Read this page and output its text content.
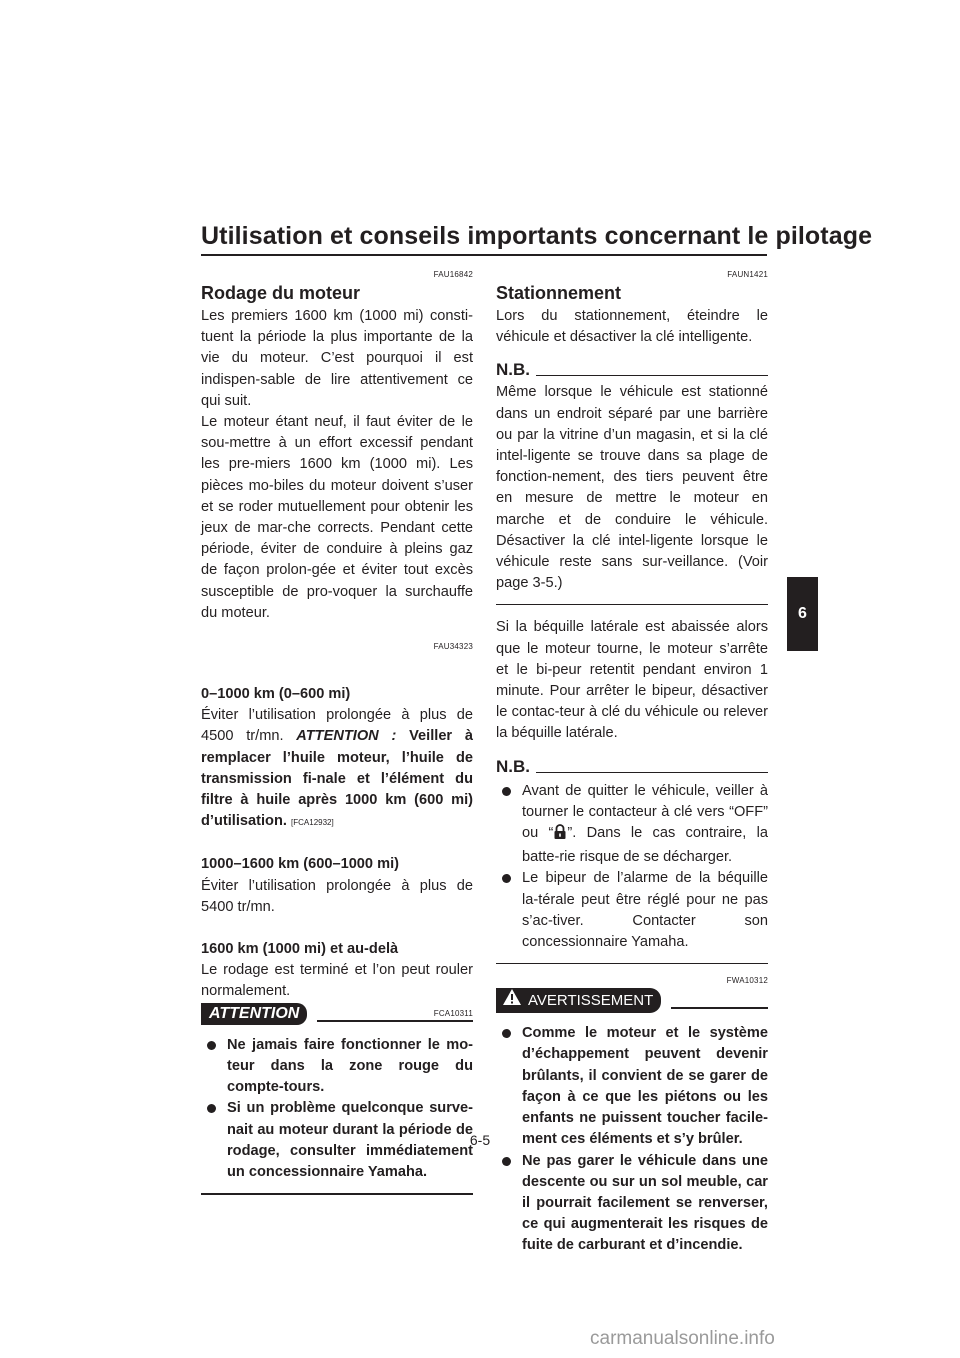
Utilisation et conseils importants concernant le pilotage
FAU16842
Rodage du moteur

Les premiers 1600 km (1000 mi) consti-tuent la période la plus importante de la vie du moteur. C’est pourquoi il est indispen-sable de lire attentivement ce qui suit.

Le moteur étant neuf, il faut éviter de le sou-mettre à un effort excessif pendant les pre-miers 1600 km (1000 mi). Les pièces mo-biles du moteur doivent s’user et se roder mutuellement pour obtenir les jeux de mar-che corrects. Pendant cette période, éviter de conduire à pleins gaz de façon prolon-gée et éviter tout excès susceptible de pro-voquer la surchauffe du moteur.

FAU34323
0–1000 km (0–600 mi)

Éviter l’utilisation prolongée à plus de 4500 tr/mn. ATTENTION : Veiller à remplacer l’huile moteur, l’huile de transmission fi-nale et l’élément du filtre à huile après 1000 km (600 mi) d’utilisation. [FCA12932]

1000–1600 km (600–1000 mi)

Éviter l’utilisation prolongée à plus de 5400 tr/mn.

1600 km (1000 mi) et au-delà

Le rodage est terminé et l’on peut rouler normalement.

ATTENTION	FCA10311
Ne jamais faire fonctionner le mo-teur dans la zone rouge du compte-tours.
Si un problème quelconque surve-nait au moteur durant la période de rodage, consulter immédiatement un concessionnaire Yamaha.
FAUN1421
Stationnement

Lors du stationnement, éteindre le véhicule et désactiver la clé intelligente.

N.B.

Même lorsque le véhicule est stationné dans un endroit séparé par une barrière ou par la vitrine d’un magasin, et si la clé intel-ligente se trouve dans sa plage de fonction-nement, des tiers peuvent être en mesure de mettre le moteur en marche et de conduire le véhicule. Désactiver la clé intel-ligente lorsque le véhicule reste sans sur-veillance. (Voir page 3-5.)

Si la béquille latérale est abaissée alors que le moteur tourne, le moteur s’arrête et le bi-peur retentit pendant environ 1 minute. Pour arrêter le bipeur, désactiver le contac-teur à clé du véhicule ou relever la béquille latérale.

N.B.
Avant de quitter le véhicule, veiller à tourner le contacteur à clé vers “OFF” ou “ ”. Dans le cas contraire, la batte-rie risque de se décharger.
Le bipeur de l’alarme de la béquille la-térale peut être réglé pour ne pas s’ac-tiver. Contacter son concessionnaire Yamaha.
FWA10312
AVERTISSEMENT
Comme le moteur et le système d’échappement peuvent devenir brûlants, il convient de se garer de façon à ce que les piétons ou les enfants ne puissent toucher facile-ment ces éléments et s’y brûler.
Ne pas garer le véhicule dans une descente ou sur un sol meuble, car il pourrait facilement se renverser, ce qui augmenterait les risques de fuite de carburant et d’incendie.
6
6-5
carmanualsonline.info
